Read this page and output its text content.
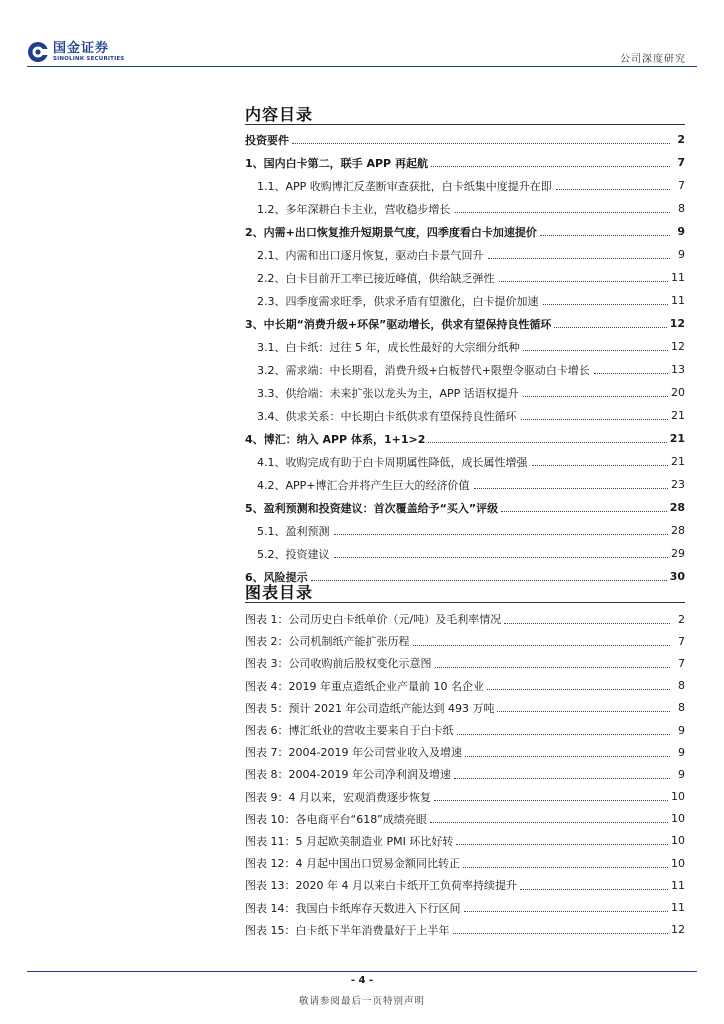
国金证券
SINOLINK SECURITIES	公司深度研究
内容目录
投资要件	2
1、国内白卡第二，联手 APP 再起航	7
1.1、APP 收购博汇反垄断审查获批，白卡纸集中度提升在即	7
1.2、多年深耕白卡主业，营收稳步增长	8
2、内需+出口恢复推升短期景气度，四季度看白卡加速提价	9
2.1、内需和出口逐月恢复，驱动白卡景气回升	9
2.2、白卡目前开工率已接近峰值，供给缺乏弹性	11
2.3、四季度需求旺季，供求矛盾有望激化，白卡提价加速	11
3、中长期“消费升级+环保”驱动增长，供求有望保持良性循环	12
3.1、白卡纸：过往 5 年，成长性最好的大宗细分纸种	12
3.2、需求端：中长期看，消费升级+白板替代+限塑令驱动白卡增长	13
3.3、供给端：未来扩张以龙头为主，APP 话语权提升	20
3.4、供求关系：中长期白卡纸供求有望保持良性循环	21
4、博汇：纳入 APP 体系，1+1>2	21
4.1、收购完成有助于白卡周期属性降低，成长属性增强	21
4.2、APP+博汇合并将产生巨大的经济价值	23
5、盈利预测和投资建议：首次覆盖给予“买入”评级	28
5.1、盈利预测	28
5.2、投资建议	29
6、风险提示	30
图表目录
图表 1：公司历史白卡纸单价（元/吨）及毛利率情况	2
图表 2：公司机制纸产能扩张历程	7
图表 3：公司收购前后股权变化示意图	7
图表 4：2019 年重点造纸企业产量前 10 名企业	8
图表 5：预计 2021 年公司造纸产能达到 493 万吨	8
图表 6：博汇纸业的营收主要来自于白卡纸	9
图表 7：2004-2019 年公司营业收入及增速	9
图表 8：2004-2019 年公司净利润及增速	9
图表 9：4 月以来，宏观消费逐步恢复	10
图表 10：各电商平台“618”成绩亮眼	10
图表 11：5 月起欧美制造业 PMI 环比好转	10
图表 12：4 月起中国出口贸易金额同比转正	10
图表 13：2020 年 4 月以来白卡纸开工负荷率持续提升	11
图表 14：我国白卡纸库存天数进入下行区间	11
图表 15：白卡纸下半年消费量好于上半年	12
- 4 -
敬请参阅最后一页特别声明
